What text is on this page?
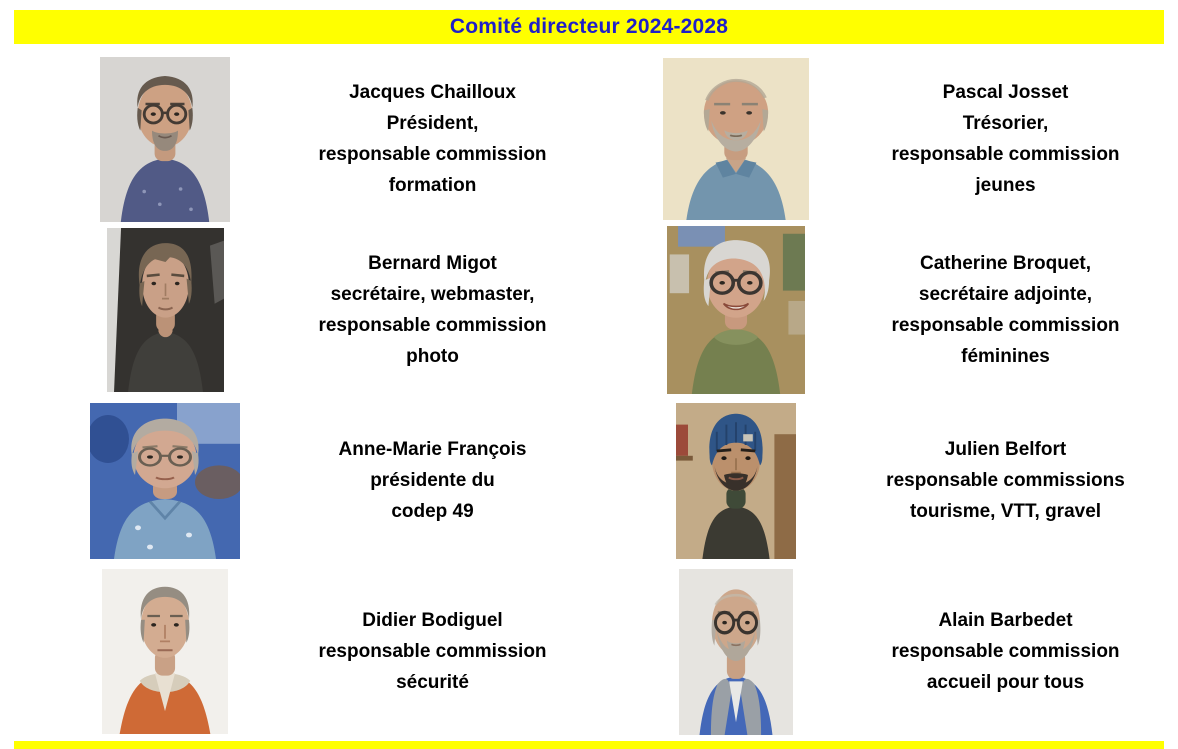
Comité directeur 2024-2028
Jacques Chailloux
Président,
responsable commission
formation
Pascal Josset
Trésorier,
responsable commission
jeunes
Bernard Migot
secrétaire, webmaster,
responsable commission
photo
Catherine Broquet,
secrétaire adjointe,
responsable commission
féminines
Anne-Marie François
présidente du
codep 49
Julien Belfort
responsable commissions
tourisme, VTT, gravel
Didier Bodiguel
responsable commission
sécurité
Alain Barbedet
responsable commission
accueil pour tous
